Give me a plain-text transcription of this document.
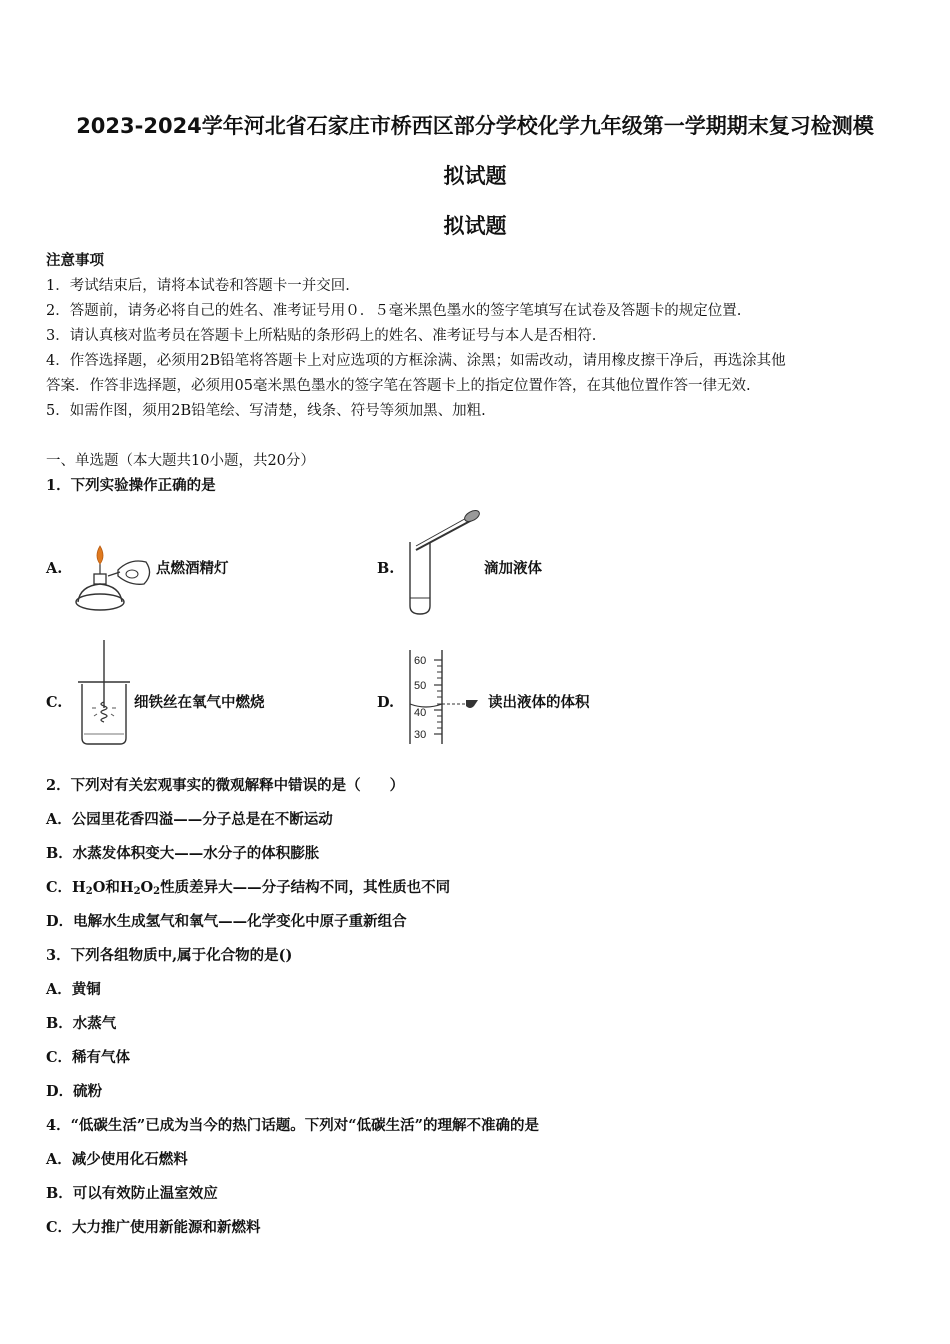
2023-2024学年河北省石家庄市桥西区部分学校化学九年级第一学期期末复习检测模
拟试题
拟试题
注意事项
1．考试结束后，请将本试卷和答题卡一并交回.
2．答题前，请务必将自己的姓名、准考证号用０．５毫米黑色墨水的签字笔填写在试卷及答题卡的规定位置.
3．请认真核对监考员在答题卡上所粘贴的条形码上的姓名、准考证号与本人是否相符.
4．作答选择题，必须用2B铅笔将答题卡上对应选项的方框涂满、涂黑；如需改动，请用橡皮擦干净后，再选涂其他
答案．作答非选择题，必须用05毫米黑色墨水的签字笔在答题卡上的指定位置作答，在其他位置作答一律无效.
5．如需作图，须用2B铅笔绘、写清楚，线条、符号等须加黑、加粗.
一、单选题（本大题共10小题，共20分）
1．下列实验操作正确的是
A.	点燃酒精灯	B.	滴加液体
C.	细铁丝在氧气中燃烧	D.
60
50
40
30
读出液体的体积
2．下列对有关宏观事实的微观解释中错误的是（　　）
A．公园里花香四溢——分子总是在不断运动
B．水蒸发体积变大——水分子的体积膨胀
C．$H_2O$和$H_2O_2$性质差异大——分子结构不同，其性质也不同
D．电解水生成氢气和氧气——化学变化中原子重新组合
3．下列各组物质中,属于化合物的是()
A．黄铜
B．水蒸气
C．稀有气体
D．硫粉
4．“低碳生活”已成为当今的热门话题。下列对“低碳生活”的理解不准确的是
A．减少使用化石燃料
B．可以有效防止温室效应
C．大力推广使用新能源和新燃料
